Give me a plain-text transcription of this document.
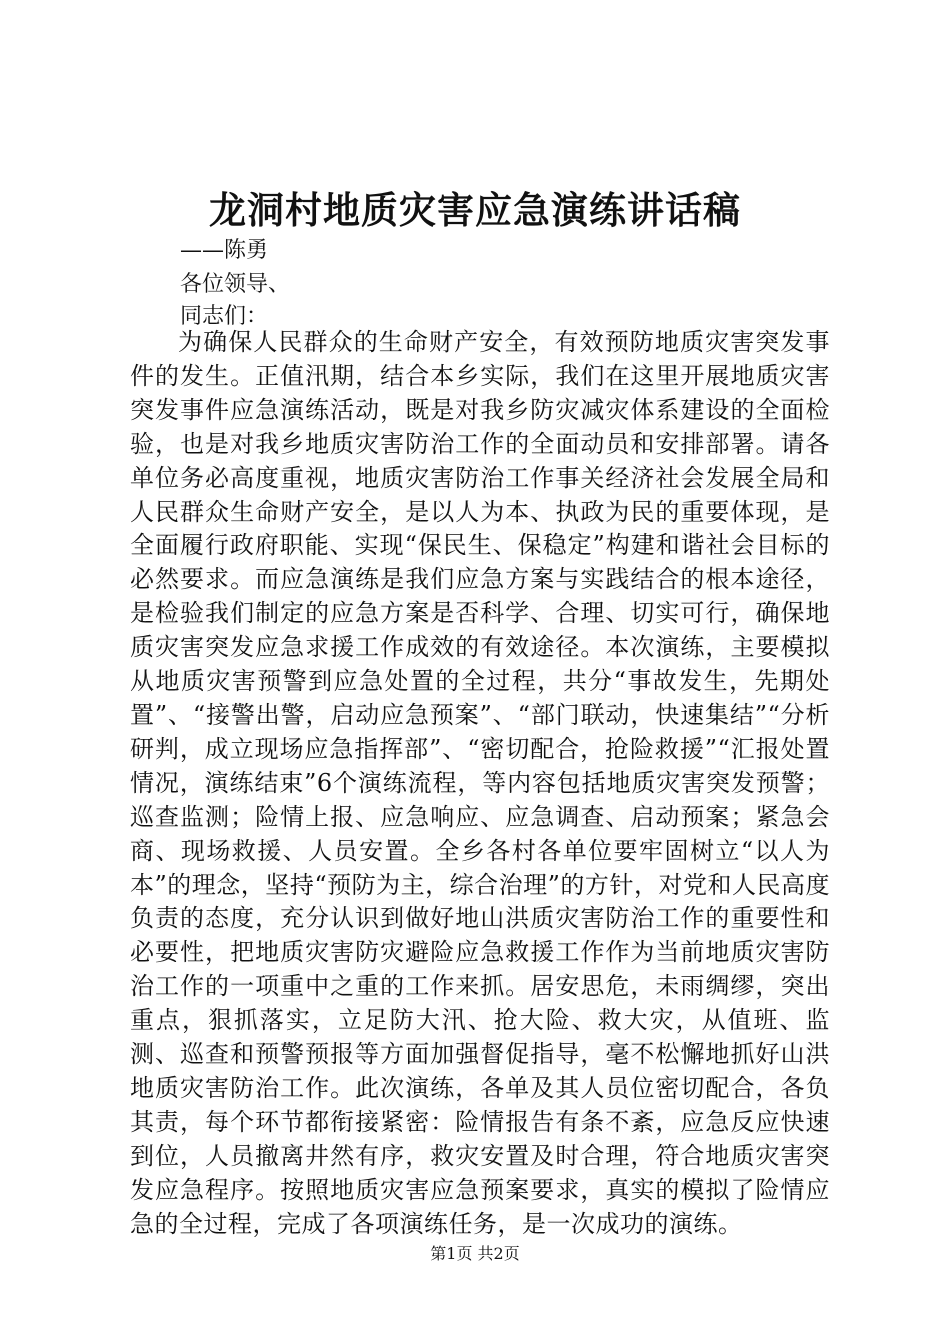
龙洞村地质灾害应急演练讲话稿

——陈勇

各位领导、

同志们：

为确保人民群众的生命财产安全，有效预防地质灾害突发事件的发生。正值汛期，结合本乡实际，我们在这里开展地质灾害突发事件应急演练活动，既是对我乡防灾减灾体系建设的全面检验，也是对我乡地质灾害防治工作的全面动员和安排部署。请各单位务必高度重视，地质灾害防治工作事关经济社会发展全局和人民群众生命财产安全，是以人为本、执政为民的重要体现，是全面履行政府职能、实现“保民生、保稳定”构建和谐社会目标的必然要求。而应急演练是我们应急方案与实践结合的根本途径，是检验我们制定的应急方案是否科学、合理、切实可行，确保地质灾害突发应急求援工作成效的有效途径。本次演练，主要模拟从地质灾害预警到应急处置的全过程，共分“事故发生，先期处置”、“接警出警，启动应急预案”、“部门联动，快速集结”“分析研判，成立现场应急指挥部”、“密切配合，抢险救援”“汇报处置情况，演练结束”6个演练流程，等内容包括地质灾害突发预警；巡查监测；险情上报、应急响应、应急调查、启动预案；紧急会商、现场救援、人员安置。全乡各村各单位要牢固树立“以人为本”的理念，坚持“预防为主，综合治理”的方针，对党和人民高度负责的态度，充分认识到做好地山洪质灾害防治工作的重要性和必要性，把地质灾害防灾避险应急救援工作作为当前地质灾害防治工作的一项重中之重的工作来抓。居安思危，未雨绸缪，突出重点，狠抓落实，立足防大汛、抢大险、救大灾，从值班、监测、巡查和预警预报等方面加强督促指导，毫不松懈地抓好山洪地质灾害防治工作。此次演练，各单及其人员位密切配合，各负其责，每个环节都衔接紧密：险情报告有条不紊，应急反应快速到位，人员撤离井然有序，救灾安置及时合理，符合地质灾害突发应急程序。按照地质灾害应急预案要求，真实的模拟了险情应急的全过程，完成了各项演练任务，是一次成功的演练。

第1页 共2页
